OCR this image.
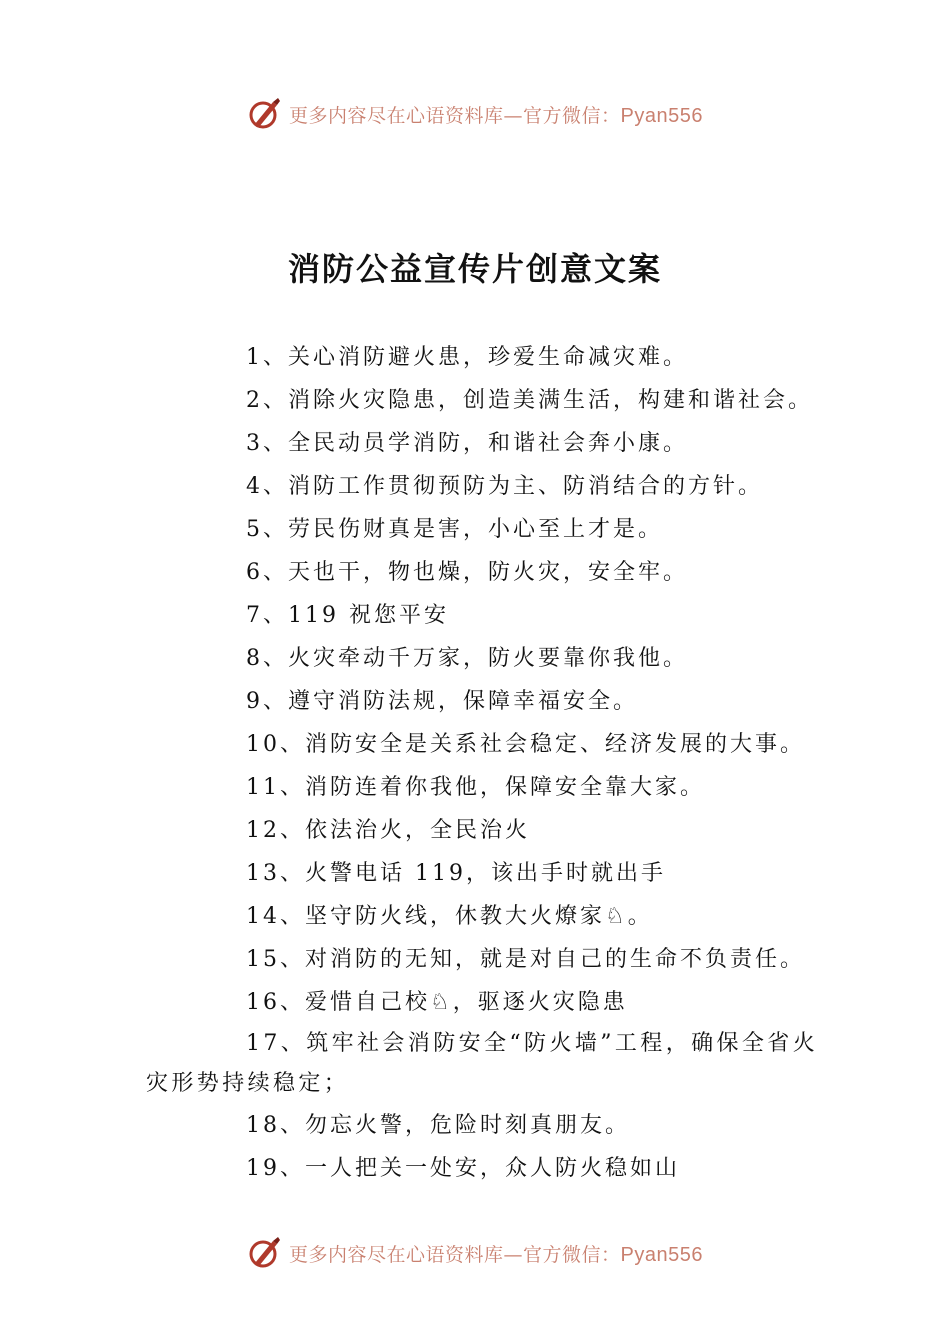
更多内容尽在心语资料库—官方微信：Pyan556
消防公益宣传片创意文案
1、关心消防避火患，珍爱生命减灾难。
2、消除火灾隐患，创造美满生活，构建和谐社会。
3、全民动员学消防，和谐社会奔小康。
4、消防工作贯彻预防为主、防消结合的方针。
5、劳民伤财真是害，小心至上才是。
6、天也干，物也燥，防火灾，安全牢。
7、119 祝您平安
8、火灾牵动千万家，防火要靠你我他。
9、遵守消防法规，保障幸福安全。
10、消防安全是关系社会稳定、经济发展的大事。
11、消防连着你我他，保障安全靠大家。
12、依法治火，全民治火
13、火警电话 119，该出手时就出手
14、坚守防火线，休教大火燎家♘。
15、对消防的无知，就是对自己的生命不负责任。
16、爱惜自己校♘，驱逐火灾隐患
17、筑牢社会消防安全“防火墙”工程，确保全省火灾形势持续稳定；
18、勿忘火警，危险时刻真朋友。
19、一人把关一处安，众人防火稳如山
更多内容尽在心语资料库—官方微信：Pyan556
